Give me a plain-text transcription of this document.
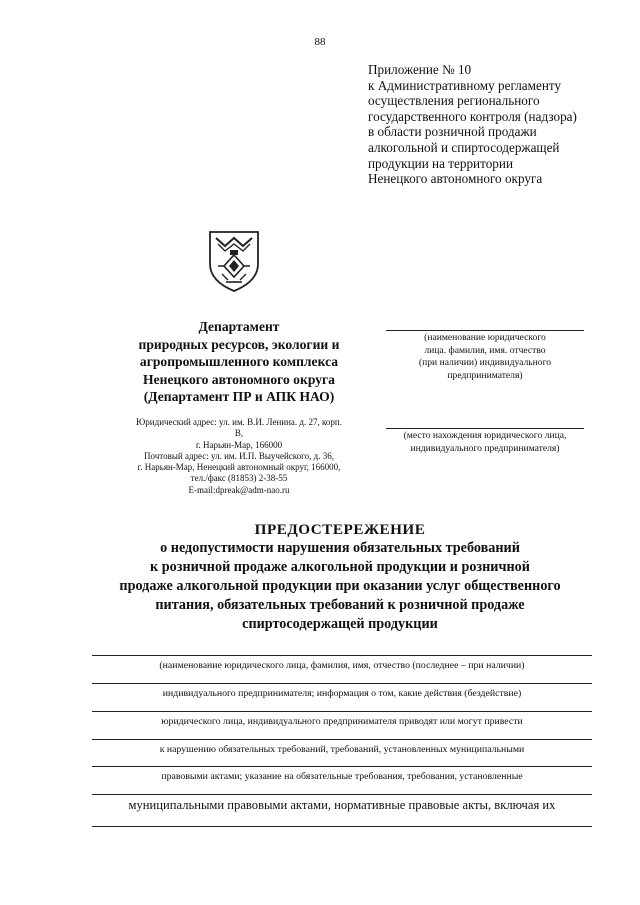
88
Приложение № 10
к Административному регламенту
осуществления регионального
государственного контроля (надзора)
в области розничной продажи
алкогольной и спиртосодержащей
продукции на территории
Ненецкого автономного округа
Департамент
природных ресурсов, экологии и
агропромышленного комплекса
Ненецкого автономного округа
(Департамент ПР и АПК НАО)
Юридический адрес: ул. им. В.И. Ленина. д. 27, корп.
В,
г. Нарьян-Мар, 166000
Почтовый адрес: ул. им. И.П. Выучейского, д. 36,
г. Нарьян-Мар, Ненецкий автономный округ, 166000,
тел./факс (81853) 2-38-55
E-mail:dpreak@adm-nao.ru
(наименование юридического
лица. фамилия, имя. отчество
(при наличии) индивидуального
предпринимателя)
(место нахождения юридического лица,
индивидуального предпринимателя)
ПРЕДОСТЕРЕЖЕНИЕ
о недопустимости нарушения обязательных требований
к розничной продаже алкогольной продукции и розничной
продаже алкогольной продукции при оказании услуг общественного
питания, обязательных требований к розничной продаже
спиртосодержащей продукции
(наименование юридического лица, фамилия, имя, отчество (последнее – при наличии)
индивидуального предпринимателя; информация о том, какие действия (бездействие)
юридического лица, индивидуального предпринимателя приводят или могут привести
к нарушению обязательных требований, требований, установленных муниципальными
правовыми актами; указание на обязательные требования, требования, установленные
муниципальными правовыми актами, нормативные правовые акты, включая их
